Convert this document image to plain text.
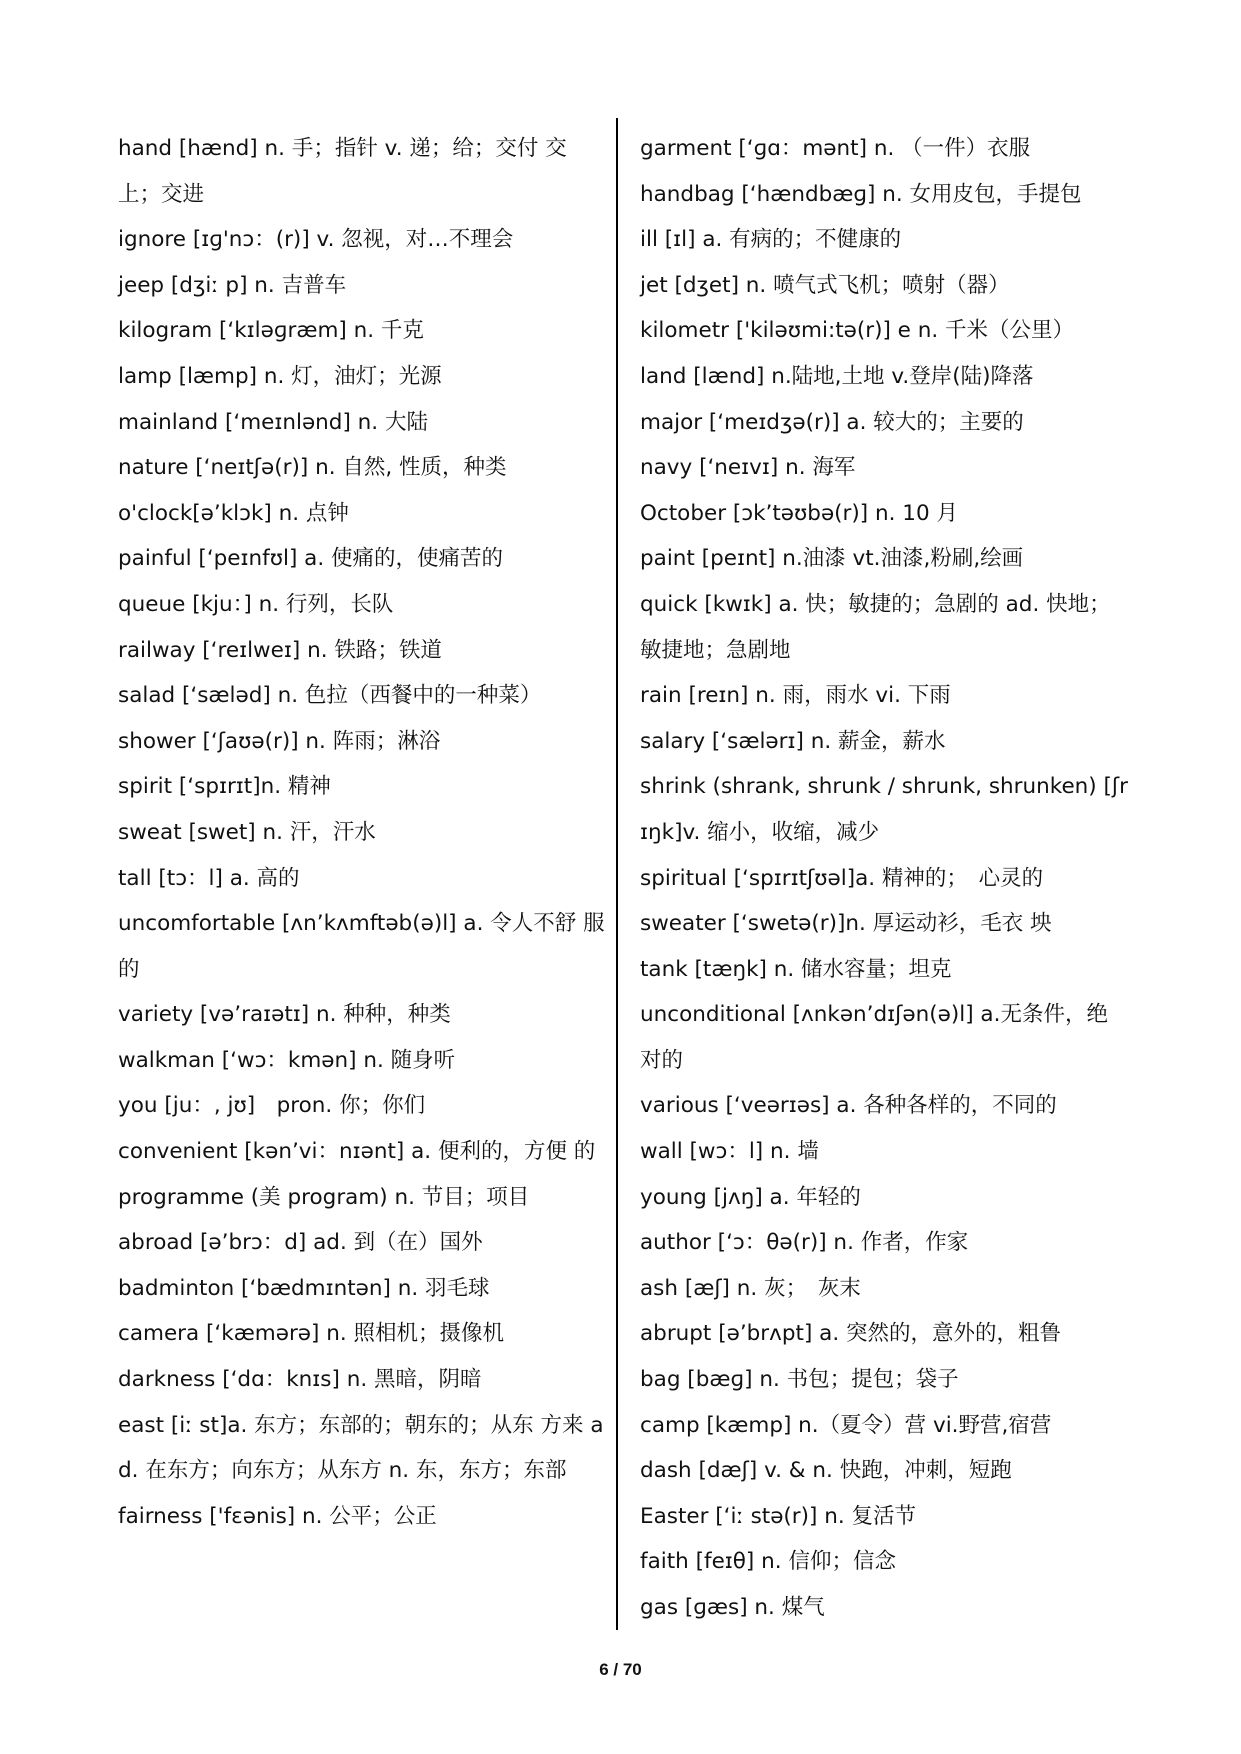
hand [hænd] n. 手；指针 v. 递；给；交付 交上；交进

ignore [ɪɡ'nɔ：(r)] v. 忽视，对…不理会

jeep [dʒiː p] n. 吉普车

kilogram [‘kɪləɡræm] n. 千克

lamp [læmp] n. 灯，油灯；光源

mainland [‘meɪnlənd] n. 大陆

nature [‘neɪtʃə(r)] n. 自然, 性质，种类

o'clock[ə’klɔk] n. 点钟

painful [‘peɪnfʊl] a. 使痛的，使痛苦的

queue [kju：] n. 行列，长队

railway [‘reɪlweɪ] n. 铁路；铁道

salad [‘sæləd] n. 色拉（西餐中的一种菜）

shower [‘ʃaʊə(r)] n. 阵雨；淋浴

spirit [‘spɪrɪt]n. 精神

sweat [swet] n. 汗，汗水

tall [tɔ：l] a. 高的

uncomfortable [ʌn’kʌmftəb(ə)l] a. 令人不舒 服的

variety [və’raɪətɪ] n. 种种，种类

walkman [‘wɔ：kmən] n. 随身听

you [ju：, jʊ]　pron. 你；你们

convenient [kən’vi：nɪənt] a. 便利的，方便 的

programme (美 program) n. 节目；项目

abroad [ə’brɔ：d] ad. 到（在）国外

badminton [‘bædmɪntən] n. 羽毛球

camera [‘kæmərə] n. 照相机；摄像机

darkness [‘dɑ：knɪs] n. 黑暗，阴暗

east [iː st]a. 东方；东部的；朝东的；从东 方来 ad. 在东方；向东方；从东方 n. 东，东方；东部

fairness ['fɛənis] n. 公平；公正

garment [‘ɡɑ：mənt] n. （一件）衣服

handbag [‘hændbæɡ] n. 女用皮包，手提包

ill [ɪl] a. 有病的；不健康的

jet [dʒet] n. 喷气式飞机；喷射（器）

kilometr ['kiləʊmi:tə(r)] e n. 千米（公里）

land [lænd] n.陆地,土地 v.登岸(陆)降落

major [‘meɪdʒə(r)] a. 较大的；主要的

navy [‘neɪvɪ] n. 海军

October [ɔk’təʊbə(r)] n. 10 月

paint [peɪnt] n.油漆 vt.油漆,粉刷,绘画

quick [kwɪk] a. 快；敏捷的；急剧的 ad. 快地；敏捷地；急剧地

rain [reɪn] n. 雨，雨水 vi. 下雨

salary [‘sælərɪ] n. 薪金，薪水

shrink (shrank, shrunk / shrunk, shrunken) [ʃrɪŋk]v. 缩小，收缩，减少

spiritual [‘spɪrɪtʃʊəl]a. 精神的；　心灵的

sweater [‘swetə(r)]n. 厚运动衫，毛衣 坱

tank [tæŋk] n. 储水容量；坦克

unconditional [ʌnkən’dɪʃən(ə)l] a.无条件，绝 对的

various [‘veərɪəs] a. 各种各样的，不同的

wall [wɔ：l] n. 墙

young [jʌŋ] a. 年轻的

author [‘ɔ：θə(r)] n. 作者，作家

ash [æʃ] n. 灰；　灰末

abrupt [ə’brʌpt] a. 突然的，意外的，粗鲁

bag [bæɡ] n. 书包；提包；袋子

camp [kæmp] n.（夏令）营 vi.野营,宿营

dash [dæʃ] v. & n. 快跑，冲刺，短跑

Easter [‘iː stə(r)] n. 复活节

faith [feɪθ] n. 信仰；信念

gas [ɡæs] n. 煤气

6 / 70
